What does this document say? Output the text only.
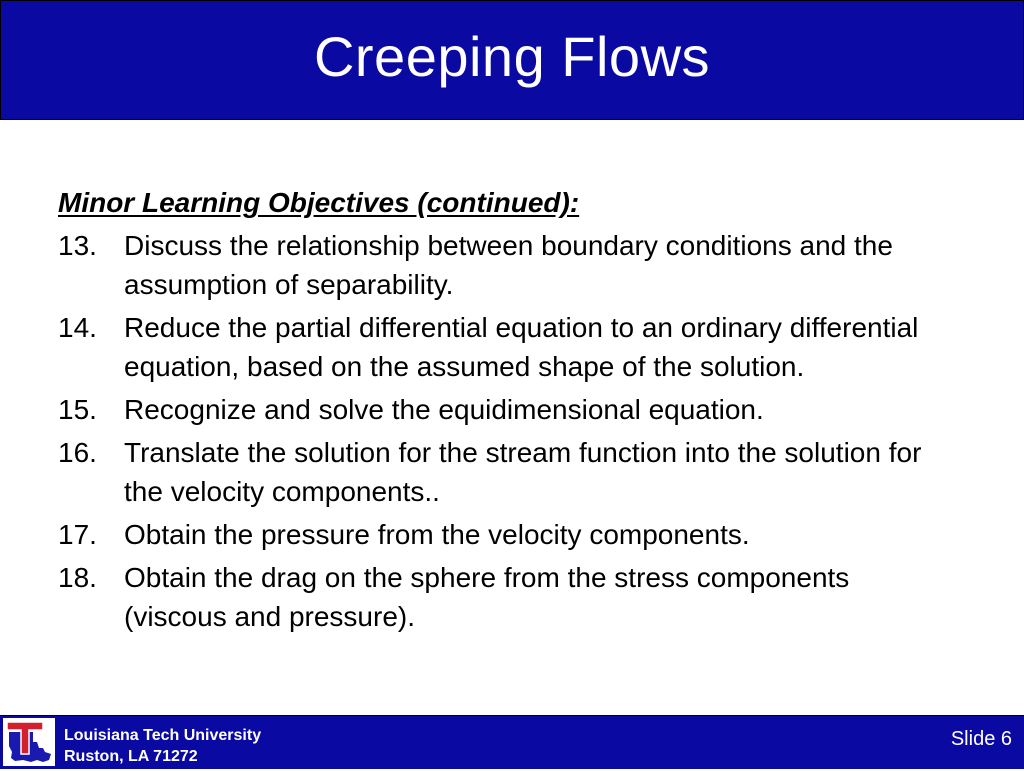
Creeping Flows
Minor Learning Objectives (continued):
13. Discuss the relationship between boundary conditions and the assumption of separability.
14. Reduce the partial differential equation to an ordinary differential equation, based on the assumed shape of the solution.
15. Recognize and solve the equidimensional equation.
16. Translate the solution for the stream function into the solution for the velocity components..
17. Obtain the pressure from the velocity components.
18. Obtain the drag on the sphere from the stress components (viscous and pressure).
Louisiana Tech University
Ruston, LA 71272
Slide 6
